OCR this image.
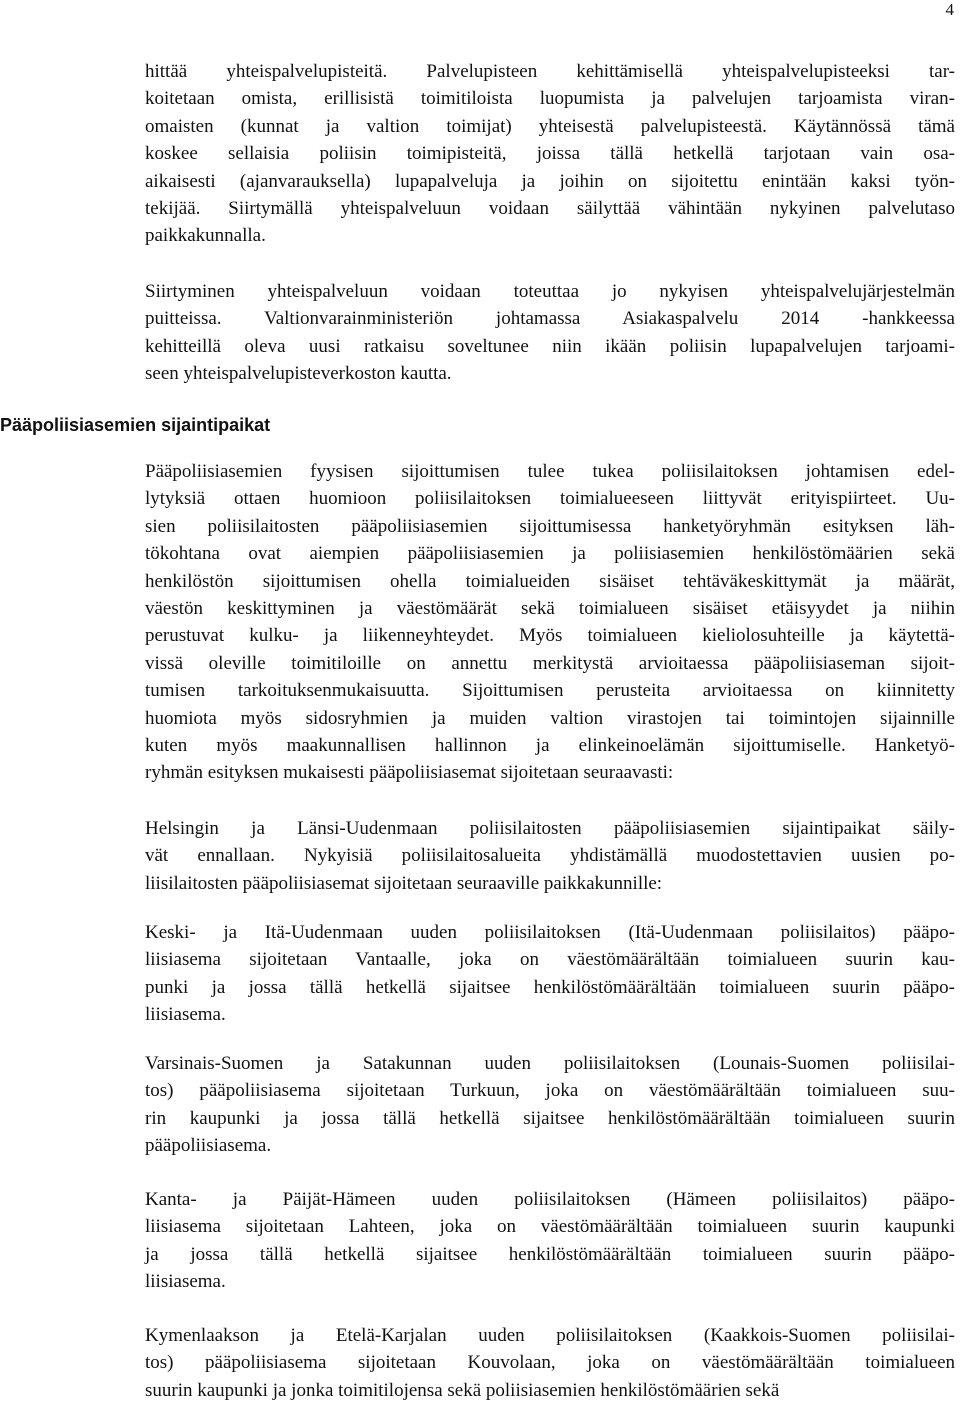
4
Pääpoliisiasemien sijaintipaikat

hittää yhteispalvelupisteitä. Palvelupisteen kehittämisellä yhteispalvelupisteeksi tar-
koitetaan omista, erillisistä toimitiloista luopumista ja palvelujen tarjoamista viran-
omaisten (kunnat ja valtion toimijat) yhteisestä palvelupisteestä. Käytännössä tämä
koskee sellaisia poliisin toimipisteitä, joissa tällä hetkellä tarjotaan vain osa-
aikaisesti (ajanvarauksella) lupapalveluja ja joihin on sijoitettu enintään kaksi työn-
tekijää. Siirtymällä yhteispalveluun voidaan säilyttää vähintään nykyinen palvelutaso
paikkakunnalla.

Siirtyminen yhteispalveluun voidaan toteuttaa jo nykyisen yhteispalvelujärjestelmän
puitteissa. Valtionvarainministeriön johtamassa Asiakaspalvelu 2014 -hankkeessa
kehitteillä oleva uusi ratkaisu soveltunee niin ikään poliisin lupapalvelujen tarjoami-
seen yhteispalvelupisteverkoston kautta.

Pääpoliisiasemien fyysisen sijoittumisen tulee tukea poliisilaitoksen johtamisen edel-
lytyksiä ottaen huomioon poliisilaitoksen toimialueeseen liittyvät erityispiirteet. Uu-
sien poliisilaitosten pääpoliisiasemien sijoittumisessa hanketyöryhmän esityksen läh-
tökohtana ovat aiempien pääpoliisiasemien ja poliisiasemien henkilöstömäärien sekä
henkilöstön sijoittumisen ohella toimialueiden sisäiset tehtäväkeskittymät ja määrät,
väestön keskittyminen ja väestömäärät sekä toimialueen sisäiset etäisyydet ja niihin
perustuvat kulku- ja liikenneyhteydet. Myös toimialueen kieliolosuhteille ja käytettä-
vissä oleville toimitiloille on annettu merkitystä arvioitaessa pääpoliisiaseman sijoit-
tumisen tarkoituksenmukaisuutta. Sijoittumisen perusteita arvioitaessa on kiinnitetty
huomiota myös sidosryhmien ja muiden valtion virastojen tai toimintojen sijainnille
kuten myös maakunnallisen hallinnon ja elinkeinoelämän sijoittumiselle. Hanketyö-
ryhmän esityksen mukaisesti pääpoliisiasemat sijoitetaan seuraavasti:

Helsingin ja Länsi-Uudenmaan poliisilaitosten pääpoliisiasemien sijaintipaikat säily-
vät ennallaan. Nykyisiä poliisilaitosalueita yhdistämällä muodostettavien uusien po-
liisilaitosten pääpoliisiasemat sijoitetaan seuraaville paikkakunnille:

Keski- ja Itä-Uudenmaan uuden poliisilaitoksen (Itä-Uudenmaan poliisilaitos) pääpo-
liisiasema sijoitetaan Vantaalle, joka on väestömäärältään toimialueen suurin kau-
punki ja jossa tällä hetkellä sijaitsee henkilöstömäärältään toimialueen suurin pääpo-
liisiasema.

Varsinais-Suomen ja Satakunnan uuden poliisilaitoksen (Lounais-Suomen poliisilai-
tos) pääpoliisiasema sijoitetaan Turkuun, joka on väestömäärältään toimialueen suu-
rin kaupunki ja jossa tällä hetkellä sijaitsee henkilöstömäärältään toimialueen suurin
pääpoliisiasema.

Kanta- ja Päijät-Hämeen uuden poliisilaitoksen (Hämeen poliisilaitos) pääpo-
liisiasema sijoitetaan Lahteen, joka on väestömäärältään toimialueen suurin kaupunki
ja jossa tällä hetkellä sijaitsee henkilöstömäärältään toimialueen suurin pääpo-
liisiasema.

Kymenlaakson ja Etelä-Karjalan uuden poliisilaitoksen (Kaakkois-Suomen poliisilai-
tos) pääpoliisiasema sijoitetaan Kouvolaan, joka on väestömäärältään toimialueen
suurin kaupunki ja jonka toimitilojensa sekä poliisiasemien henkilöstömäärien sekä
